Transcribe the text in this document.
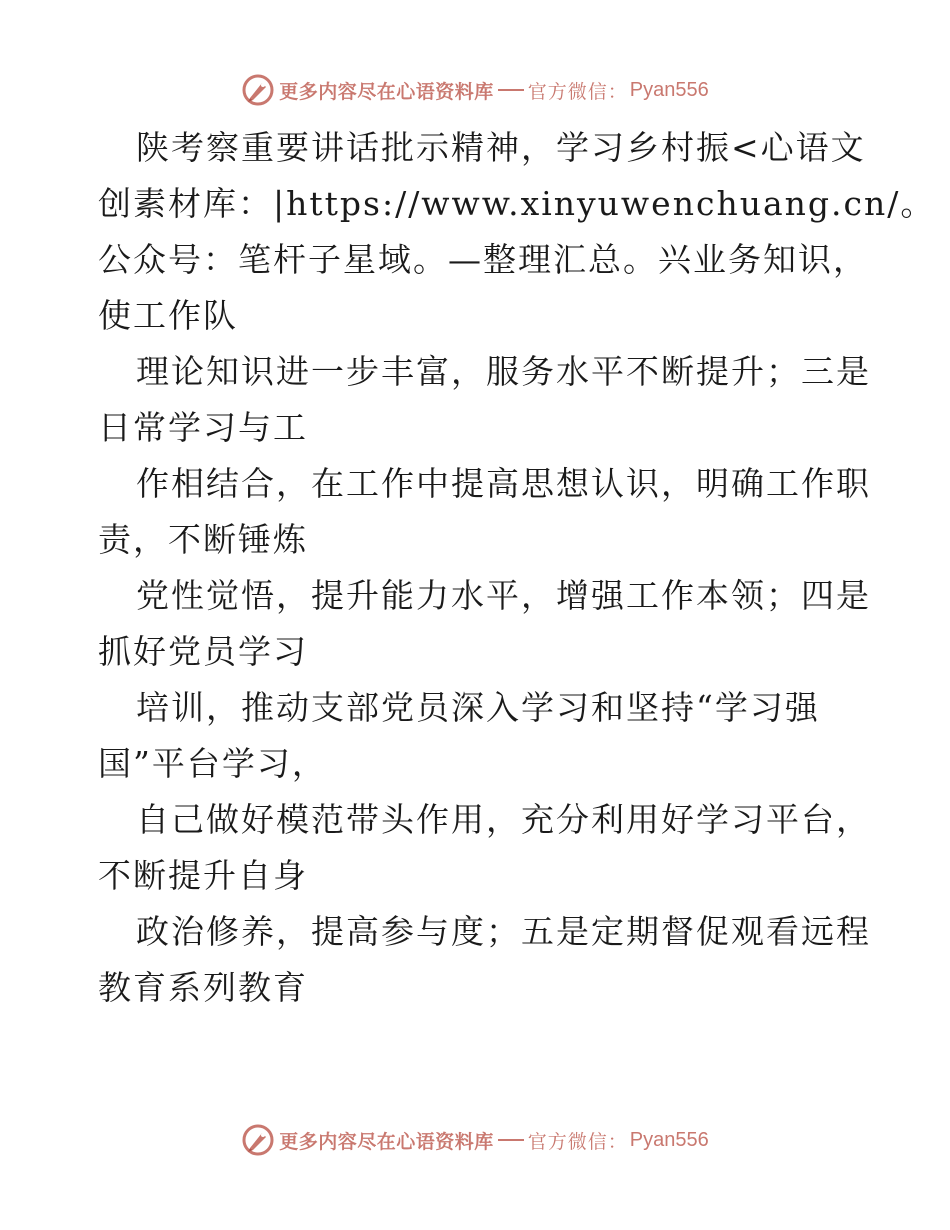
更多内容尽在心语资料库 官方微信： Pyan556
陕考察重要讲话批示精神，学习乡村振<心语文
创素材库：|https://www.xinyuwenchuang.cn/。
公众号：笔杆子星域。—整理汇总。兴业务知识，
使工作队
理论知识进一步丰富，服务水平不断提升；三是
日常学习与工
作相结合，在工作中提高思想认识，明确工作职
责，不断锤炼
党性觉悟，提升能力水平，增强工作本领；四是
抓好党员学习
培训，推动支部党员深入学习和坚持“学习强
国”平台学习，
自己做好模范带头作用，充分利用好学习平台，
不断提升自身
政治修养，提高参与度；五是定期督促观看远程
教育系列教育
更多内容尽在心语资料库 官方微信： Pyan556
